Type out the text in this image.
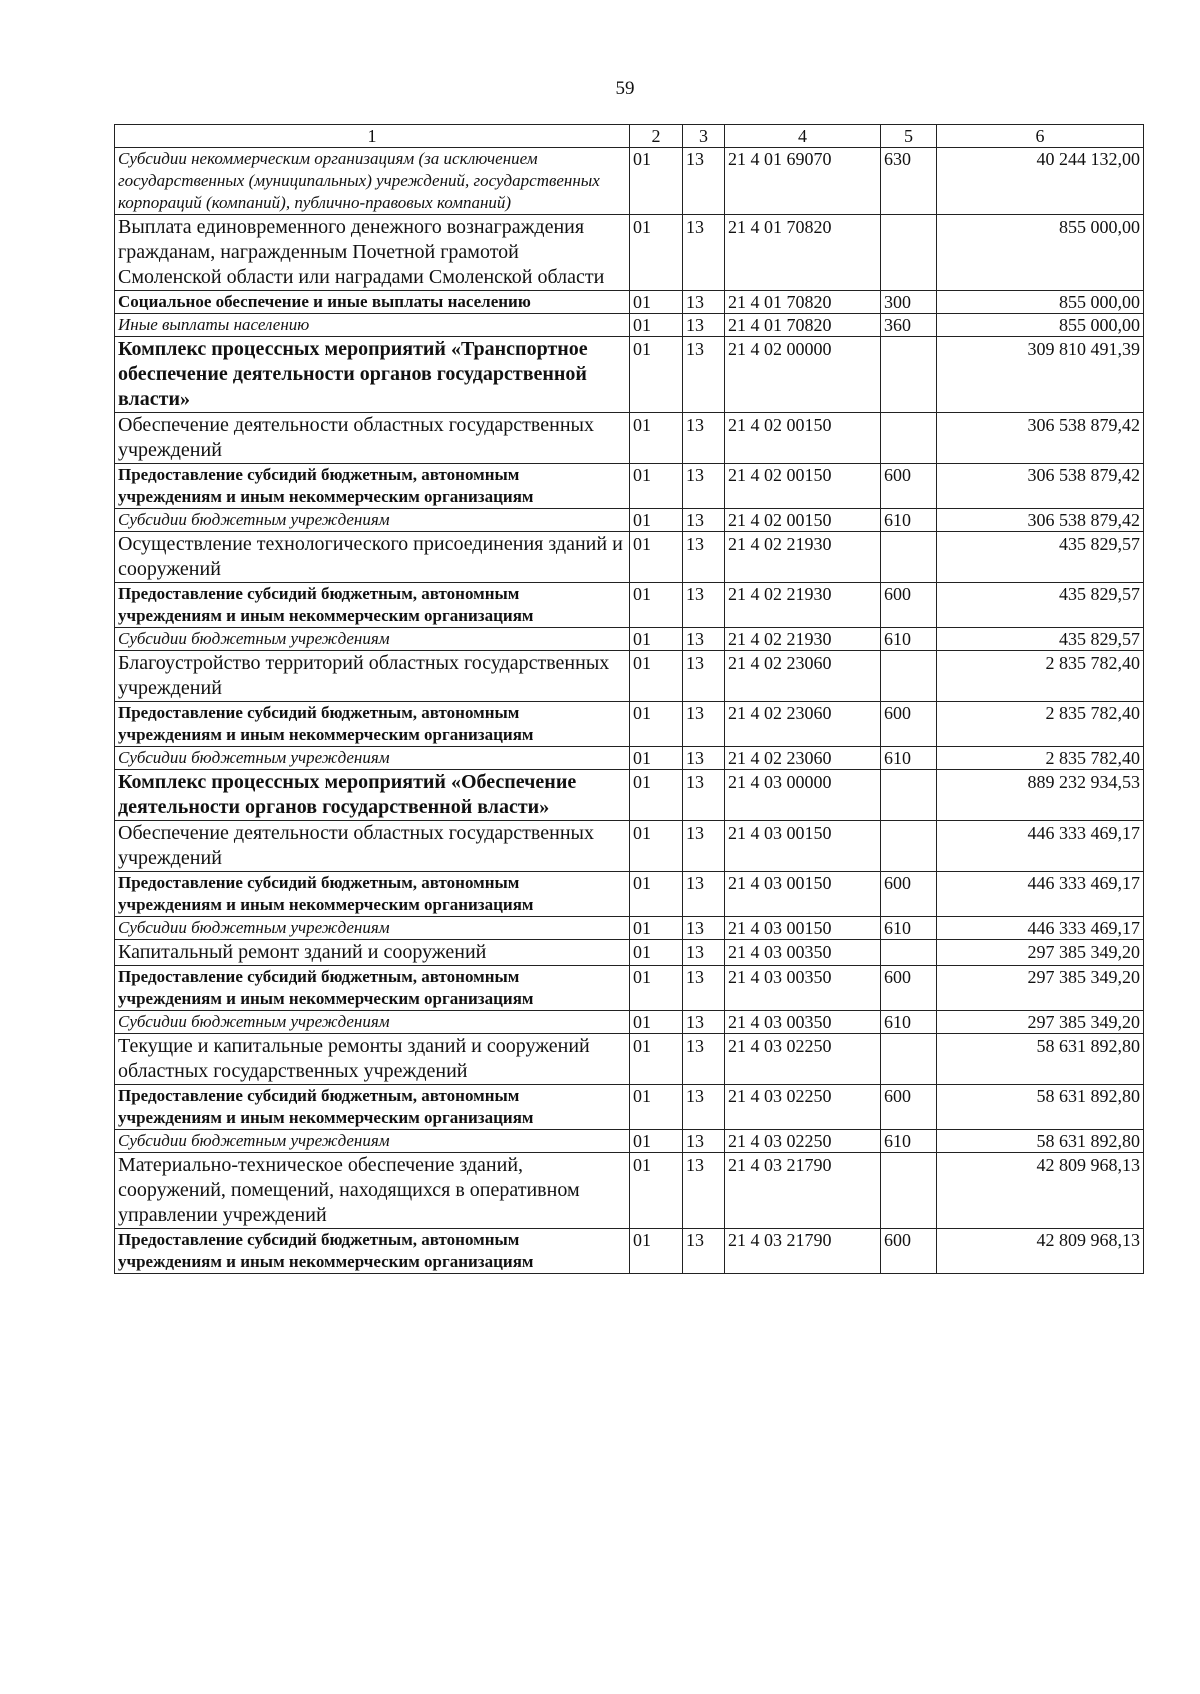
59
1	2	3	4	5	6
Субсидии некоммерческим организациям (за исключением государственных (муниципальных) учреждений, государственных корпораций (компаний), публично-правовых компаний)	01	13	21 4 01 69070	630	40 244 132,00
Выплата единовременного денежного вознаграждения гражданам, награжденным Почетной грамотой Смоленской области или наградами Смоленской области	01	13	21 4 01 70820		855 000,00
Социальное обеспечение и иные выплаты населению	01	13	21 4 01 70820	300	855 000,00
Иные выплаты населению	01	13	21 4 01 70820	360	855 000,00
Комплекс процессных мероприятий «Транспортное обеспечение деятельности органов государственной власти»	01	13	21 4 02 00000		309 810 491,39
Обеспечение деятельности областных государственных учреждений	01	13	21 4 02 00150		306 538 879,42
Предоставление субсидий бюджетным, автономным учреждениям и иным некоммерческим организациям	01	13	21 4 02 00150	600	306 538 879,42
Субсидии бюджетным учреждениям	01	13	21 4 02 00150	610	306 538 879,42
Осуществление технологического присоединения зданий и сооружений	01	13	21 4 02 21930		435 829,57
Предоставление субсидий бюджетным, автономным учреждениям и иным некоммерческим организациям	01	13	21 4 02 21930	600	435 829,57
Субсидии бюджетным учреждениям	01	13	21 4 02 21930	610	435 829,57
Благоустройство территорий областных государственных учреждений	01	13	21 4 02 23060		2 835 782,40
Предоставление субсидий бюджетным, автономным учреждениям и иным некоммерческим организациям	01	13	21 4 02 23060	600	2 835 782,40
Субсидии бюджетным учреждениям	01	13	21 4 02 23060	610	2 835 782,40
Комплекс процессных мероприятий «Обеспечение деятельности органов государственной власти»	01	13	21 4 03 00000		889 232 934,53
Обеспечение деятельности областных государственных учреждений	01	13	21 4 03 00150		446 333 469,17
Предоставление субсидий бюджетным, автономным учреждениям и иным некоммерческим организациям	01	13	21 4 03 00150	600	446 333 469,17
Субсидии бюджетным учреждениям	01	13	21 4 03 00150	610	446 333 469,17
Капитальный ремонт зданий и сооружений	01	13	21 4 03 00350		297 385 349,20
Предоставление субсидий бюджетным, автономным учреждениям и иным некоммерческим организациям	01	13	21 4 03 00350	600	297 385 349,20
Субсидии бюджетным учреждениям	01	13	21 4 03 00350	610	297 385 349,20
Текущие и капитальные ремонты зданий и сооружений областных государственных учреждений	01	13	21 4 03 02250		58 631 892,80
Предоставление субсидий бюджетным, автономным учреждениям и иным некоммерческим организациям	01	13	21 4 03 02250	600	58 631 892,80
Субсидии бюджетным учреждениям	01	13	21 4 03 02250	610	58 631 892,80
Материально-техническое обеспечение зданий, сооружений, помещений, находящихся в оперативном управлении учреждений	01	13	21 4 03 21790		42 809 968,13
Предоставление субсидий бюджетным, автономным учреждениям и иным некоммерческим организациям	01	13	21 4 03 21790	600	42 809 968,13
